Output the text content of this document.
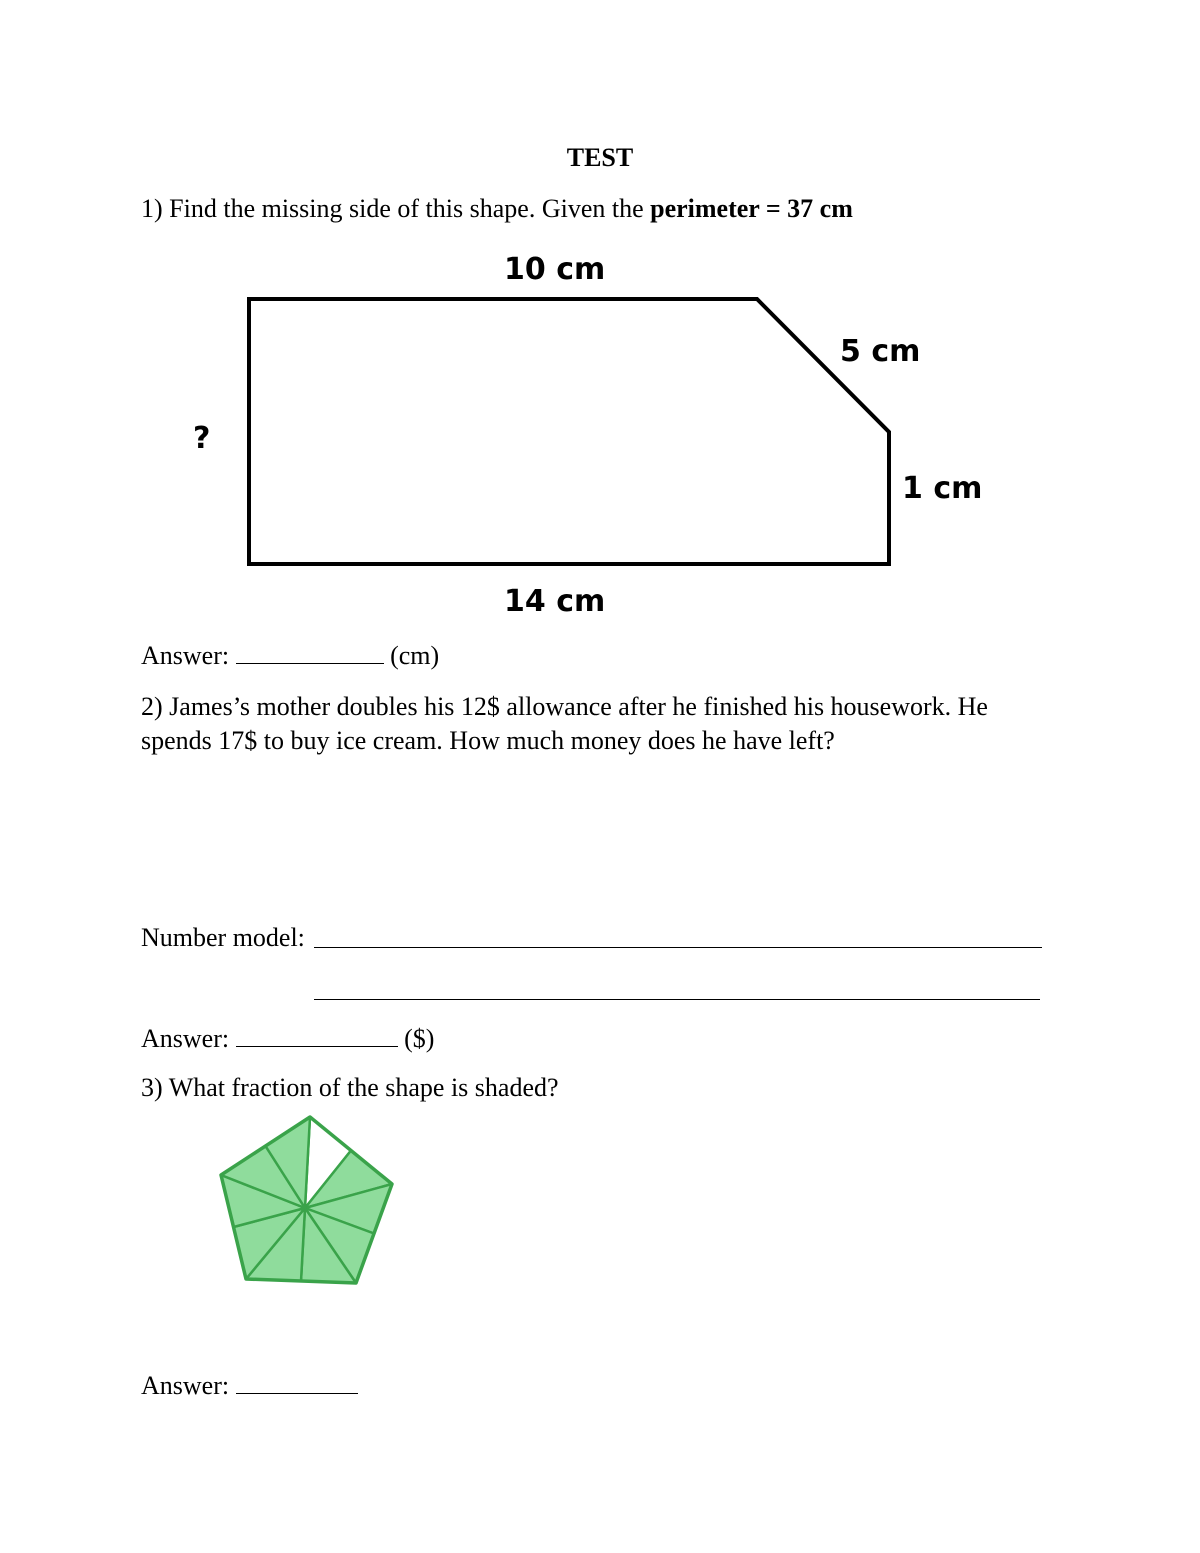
TEST
1) Find the missing side of this shape. Given the perimeter = 37 cm
10 cm
5 cm
1 cm
14 cm
?
Answer:	(cm)
2) James’s mother doubles his 12$ allowance after he finished his housework. He
spends 17$ to buy ice cream. How much money does he have left?
Number model:
Answer:	($)
3) What fraction of the shape is shaded?
Answer:
